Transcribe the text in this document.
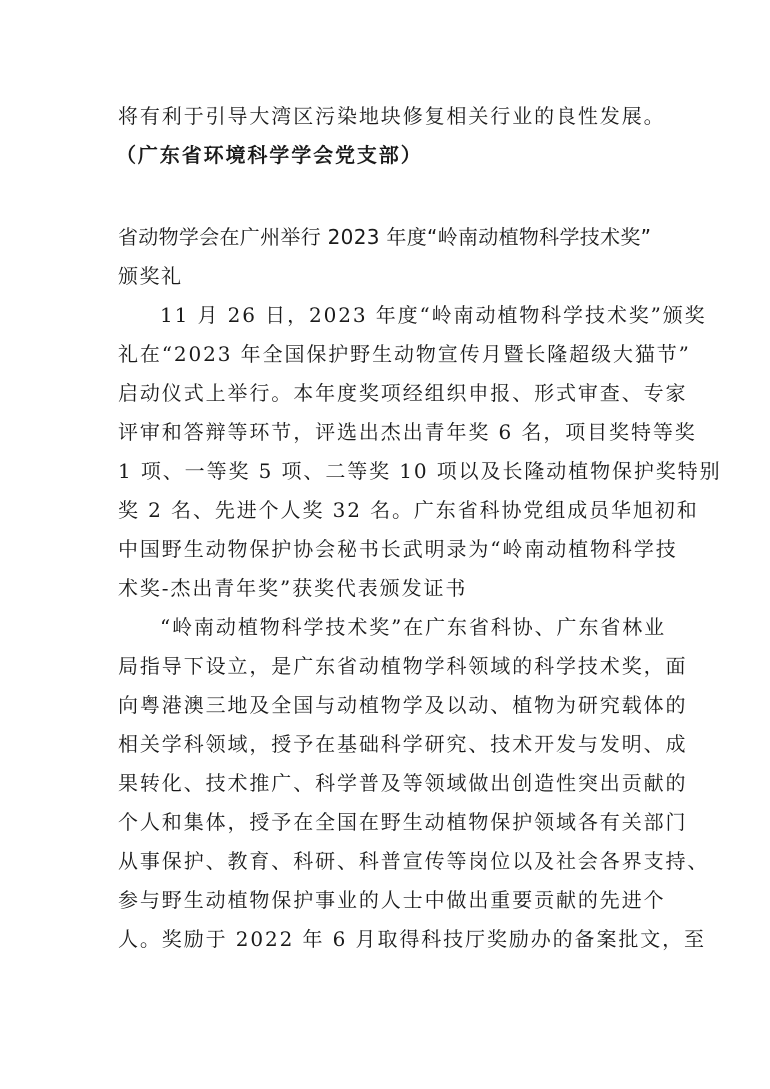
将有利于引导大湾区污染地块修复相关行业的良性发展。
（广东省环境科学学会党支部）
省动物学会在广州举行 2023 年度“岭南动植物科学技术奖”
颁奖礼
11 月 26 日，2023 年度“岭南动植物科学技术奖”颁奖
礼在“2023 年全国保护野生动物宣传月暨长隆超级大猫节”
启动仪式上举行。本年度奖项经组织申报、形式审查、专家
评审和答辩等环节，评选出杰出青年奖 6 名，项目奖特等奖
1 项、一等奖 5 项、二等奖 10 项以及长隆动植物保护奖特别
奖 2 名、先进个人奖 32 名。广东省科协党组成员华旭初和
中国野生动物保护协会秘书长武明录为“岭南动植物科学技
术奖-杰出青年奖”获奖代表颁发证书
“岭南动植物科学技术奖”在广东省科协、广东省林业
局指导下设立，是广东省动植物学科领域的科学技术奖，面
向粤港澳三地及全国与动植物学及以动、植物为研究载体的
相关学科领域，授予在基础科学研究、技术开发与发明、成
果转化、技术推广、科学普及等领域做出创造性突出贡献的
个人和集体，授予在全国在野生动植物保护领域各有关部门
从事保护、教育、科研、科普宣传等岗位以及社会各界支持、
参与野生动植物保护事业的人士中做出重要贡献的先进个
人。奖励于 2022 年 6 月取得科技厅奖励办的备案批文，至
